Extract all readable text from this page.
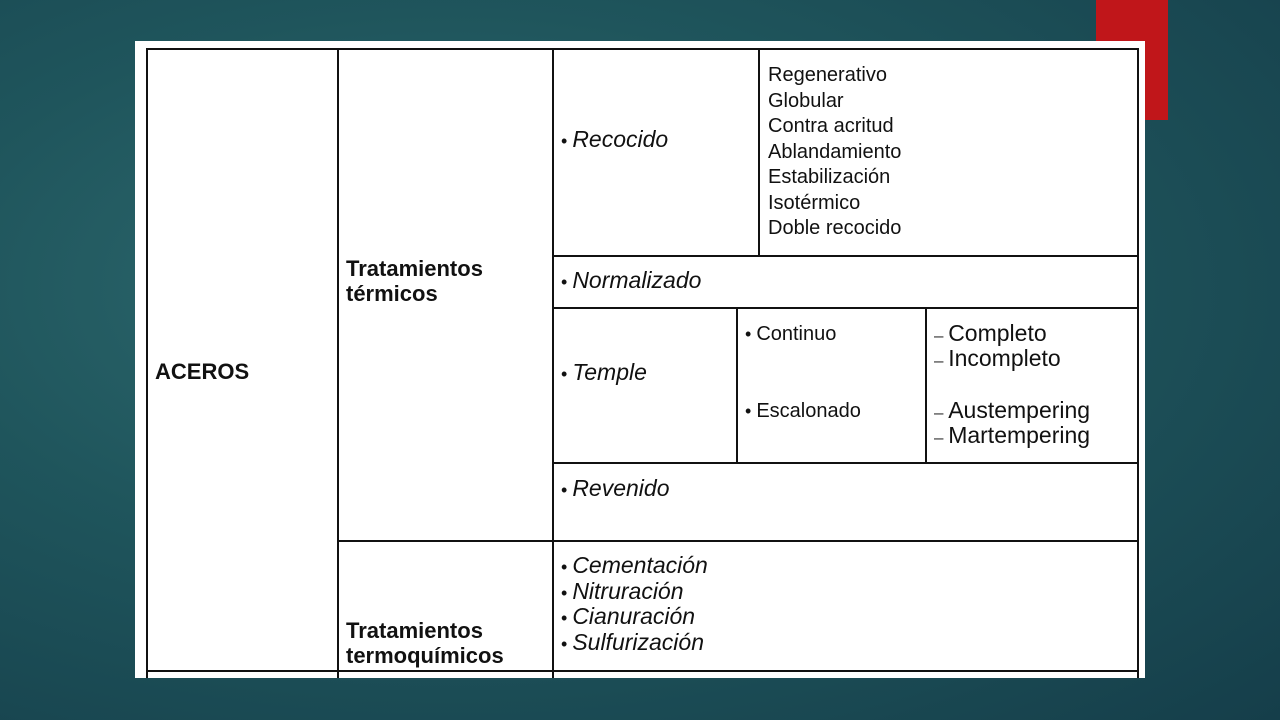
ACEROS
Tratamientos
térmicos
Tratamientos
termoquímicos
• Recocido
• Normalizado
• Temple
• Revenido
• Cementación
• Nitruración
• Cianuración
• Sulfurización
Regenerativo
Globular
Contra acritud
Ablandamiento
Estabilización
Isotérmico
Doble recocido
• Continuo
• Escalonado
– Completo
– Incompleto
– Austempering
– Martempering
